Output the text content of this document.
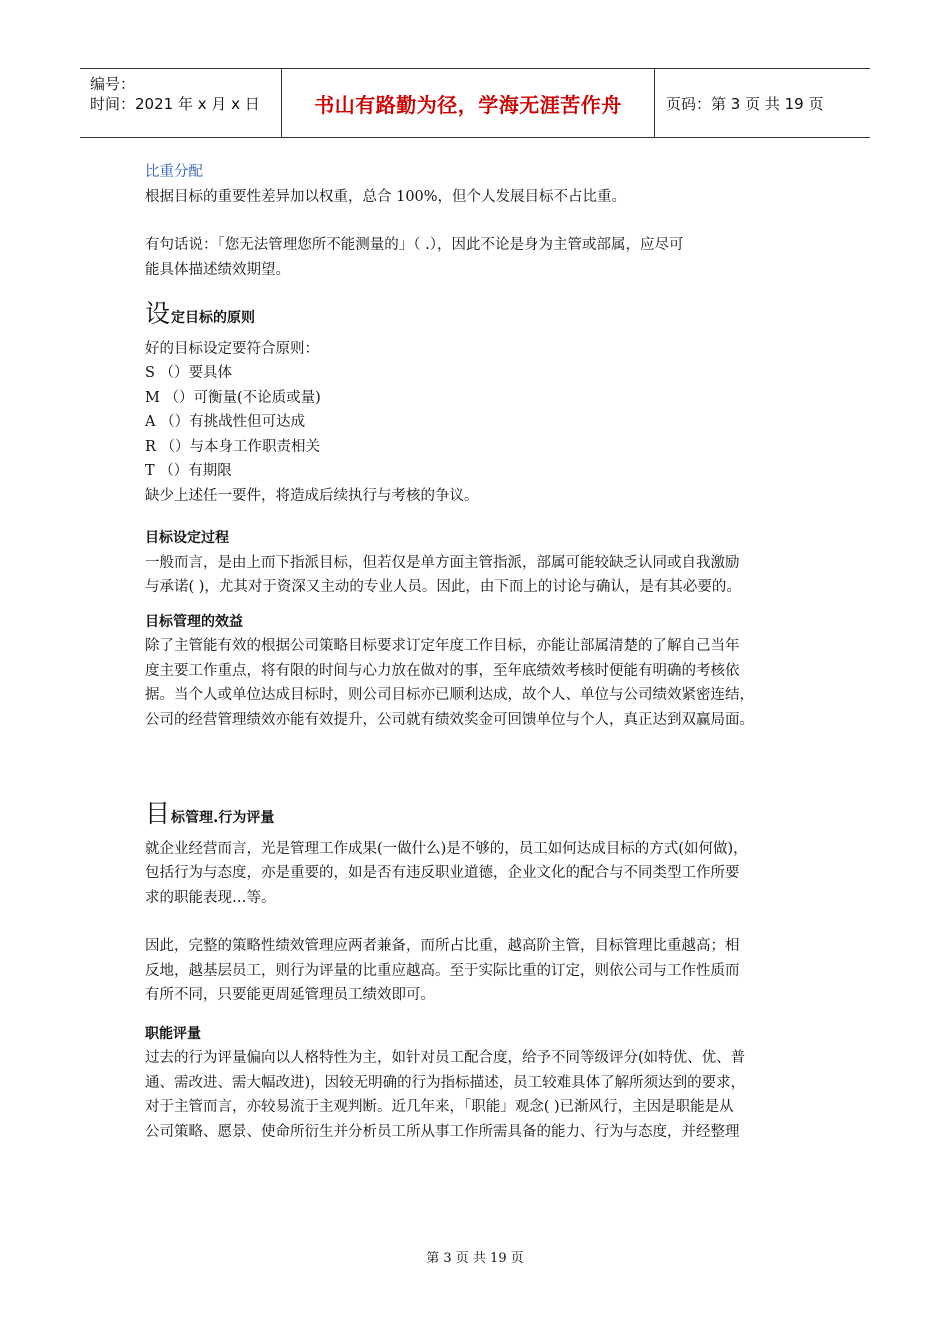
编号：
时间：2021 年 x 月 x 日	书山有路勤为径，学海无涯苦作舟	页码：第 3 页 共 19 页

比重分配

根据目标的重要性差异加以权重，总合 100%，但个人发展目标不占比重。

有句话说：「您无法管理您所不能测量的」（ .），因此不论是身为主管或部属，应尽可

能具体描述绩效期望。

设定目标的原则

好的目标设定要符合原则：

S （）要具体

M （）可衡量(不论质或量)

A （）有挑战性但可达成

R （）与本身工作职责相关

T （）有期限

缺少上述任一要件，将造成后续执行与考核的争议。

目标设定过程

一般而言，是由上而下指派目标，但若仅是单方面主管指派，部属可能较缺乏认同或自我激励

与承诺( )，尤其对于资深又主动的专业人员。因此，由下而上的讨论与确认，是有其必要的。

目标管理的效益

除了主管能有效的根据公司策略目标要求订定年度工作目标，亦能让部属清楚的了解自己当年

度主要工作重点，将有限的时间与心力放在做对的事，至年底绩效考核时便能有明确的考核依

据。当个人或单位达成目标时，则公司目标亦已顺利达成，故个人、单位与公司绩效紧密连结，

公司的经营管理绩效亦能有效提升，公司就有绩效奖金可回馈单位与个人，真正达到双赢局面。

目标管理.行为评量

就企业经营而言，光是管理工作成果(一做什么)是不够的，员工如何达成目标的方式(如何做)，

包括行为与态度，亦是重要的，如是否有违反职业道德，企业文化的配合与不同类型工作所要

求的职能表现…等。

因此，完整的策略性绩效管理应两者兼备，而所占比重，越高阶主管，目标管理比重越高；相

反地，越基层员工，则行为评量的比重应越高。至于实际比重的订定，则依公司与工作性质而

有所不同，只要能更周延管理员工绩效即可。

职能评量

过去的行为评量偏向以人格特性为主，如针对员工配合度，给予不同等级评分(如特优、优、普

通、需改进、需大幅改进)，因较无明确的行为指标描述，员工较难具体了解所须达到的要求，

对于主管而言，亦较易流于主观判断。近几年来，「职能」观念( )已渐风行，主因是职能是从

公司策略、愿景、使命所衍生并分析员工所从事工作所需具备的能力、行为与态度，并经整理

第 3 页 共 19 页
